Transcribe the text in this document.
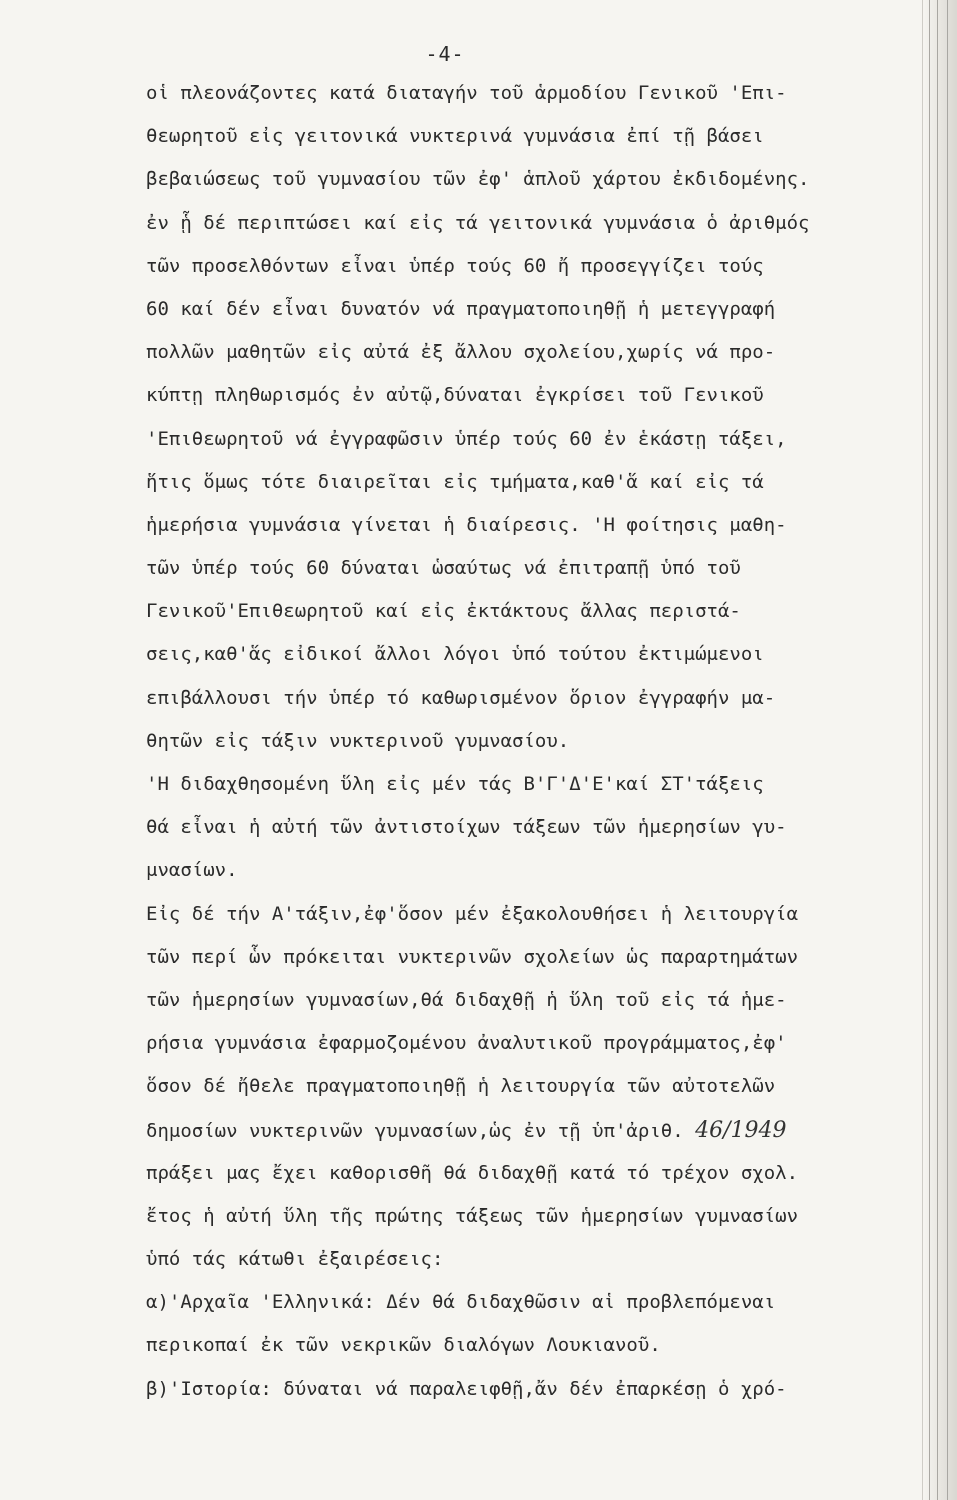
-4-
οἱ πλεονάζοντες κατά διαταγήν τοῦ ἁρμοδίου Γενικοῦ 'Επι-
θεωρητοῦ εἰς γειτονικά νυκτερινά γυμνάσια ἐπί τῇ βάσει
βεβαιώσεως τοῦ γυμνασίου τῶν ἐφ' ἁπλοῦ χάρτου ἐκδιδομένης.
ἐν ᾗ δέ περιπτώσει καί εἰς τά γειτονικά γυμνάσια ὁ ἀριθμός
τῶν προσελθόντων εἶναι ὑπέρ τούς 60 ἤ προσεγγίζει τούς
60 καί δέν εἶναι δυνατόν νά πραγματοποιηθῇ ἡ μετεγγραφή
πολλῶν μαθητῶν εἰς αὐτά ἐξ ἄλλου σχολείου,χωρίς νά προ-
κύπτῃ πληθωρισμός ἐν αὐτῷ,δύναται ἐγκρίσει τοῦ Γενικοῦ
'Επιθεωρητοῦ νά ἐγγραφῶσιν ὑπέρ τούς 60 ἐν ἑκάστῃ τάξει,
ἥτις ὅμως τότε διαιρεῖται εἰς τμήματα,καθ'ἅ καί εἰς τά
ἡμερήσια γυμνάσια γίνεται ἡ διαίρεσις. 'Η φοίτησις μαθη-
τῶν ὑπέρ τούς 60 δύναται ὡσαύτως νά ἐπιτραπῇ ὑπό τοῦ
Γενικοῦ'Επιθεωρητοῦ καί εἰς ἐκτάκτους ἄλλας περιστά-
σεις,καθ'ἅς εἰδικοί ἄλλοι λόγοι ὑπό τούτου ἐκτιμώμενοι
επιβάλλουσι τήν ὑπέρ τό καθωρισμένον ὅριον ἐγγραφήν μα-
θητῶν εἰς τάξιν νυκτερινοῦ γυμνασίου.
'Η διδαχθησομένη ὕλη εἰς μέν τάς Β'Γ'Δ'Ε'καί ΣΤ'τάξεις
θά εἶναι ἡ αὐτή τῶν ἀντιστοίχων τάξεων τῶν ἡμερησίων γυ-
μνασίων.
Εἰς δέ τήν Α'τάξιν,ἐφ'ὅσον μέν ἐξακολουθήσει ἡ λειτουργία
τῶν περί ὧν πρόκειται νυκτερινῶν σχολείων ὡς παραρτημάτων
τῶν ἡμερησίων γυμνασίων,θά διδαχθῇ ἡ ὕλη τοῦ εἰς τά ἡμε-
ρήσια γυμνάσια ἐφαρμοζομένου ἀναλυτικοῦ προγράμματος,ἐφ'
ὅσον δέ ἤθελε πραγματοποιηθῇ ἡ λειτουργία τῶν αὐτοτελῶν
δημοσίων νυκτερινῶν γυμνασίων,ὡς ἐν τῇ ὑπ'ἀριθ. 46/1949
πράξει μας ἔχει καθορισθῆ θά διδαχθῇ κατά τό τρέχον σχολ.
ἔτος ἡ αὐτή ὕλη τῆς πρώτης τάξεως τῶν ἡμερησίων γυμνασίων
ὑπό τάς κάτωθι ἐξαιρέσεις:
α)'Αρχαῖα 'Ελληνικά: Δέν θά διδαχθῶσιν αἱ προβλεπόμεναι
περικοπαί ἐκ τῶν νεκρικῶν διαλόγων Λουκιανοῦ.
β)'Ιστορία: δύναται νά παραλειφθῇ,ἄν δέν ἐπαρκέσῃ ὁ χρό-
